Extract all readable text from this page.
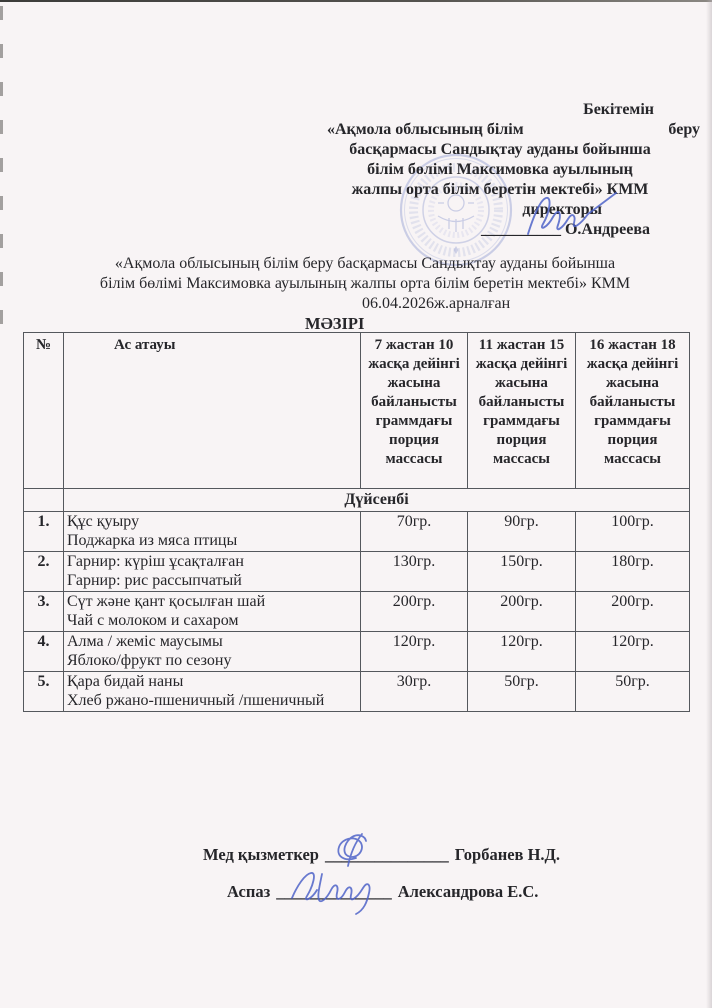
Бекітемін
«Ақмола облысының білім	беру
басқармасы Сандықтау ауданы бойынша
білім бөлімі Максимовка ауылының
жалпы орта білім беретін мектебі» КММ
директоры
__________ О.Андреева
«Ақмола облысының білім беру басқармасы Сандықтау ауданы бойынша
білім бөлімі Максимовка ауылының жалпы орта білім беретін мектебі» КММ
06.04.2026ж.арналған
МӘЗІРІ
№	Ас атауы	7 жастан 10 жасқа дейінгі жасына байланысты граммдағы порция массасы	11 жастан 15 жасқа дейінгі жасына байланысты граммдағы порция массасы	16 жастан 18 жасқа дейінгі жасына байланысты граммдағы порция массасы
	Дүйсенбі			
1.	Құс қуыру
Поджарка из мяса птицы	70гр.	90гр.	100гр.
2.	Гарнир: күріш ұсақталған
Гарнир: рис рассыпчатый	130гр.	150гр.	180гр.
3.	Сүт және қант қосылған шай
Чай с молоком и сахаром	200гр.	200гр.	200гр.
4.	Алма / жеміс маусымы
Яблоко/фрукт по сезону	120гр.	120гр.	120гр.
5.	Қара бидай наны
Хлеб ржано-пшеничный /пшеничный	30гр.	50гр.	50гр.
Мед қызметкер _______________ Горбанев Н.Д.
Аспаз ______________ Александрова Е.С.
